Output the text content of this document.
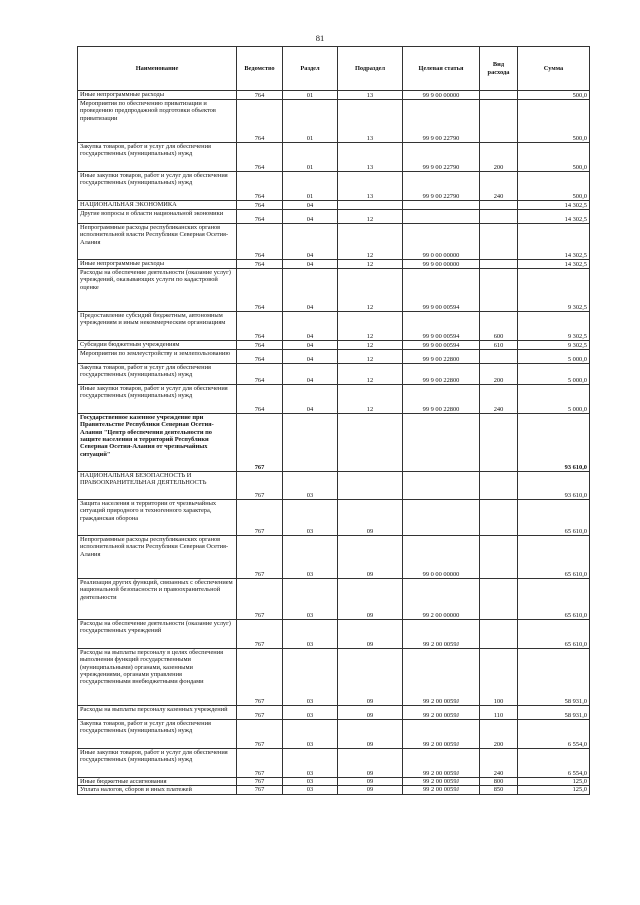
81
Наименование	Ведомство	Раздел	Подраздел	Целевая статья	Вид расхода	Сумма
Иные непрограммные расходы	764	01	13	99 9 00 00000		500,0
Мероприятия по обеспечению приватизации и проведению предпродажной подготовки объектов приватизации	764	01	13	99 9 00 22790		500,0
Закупка товаров, работ и услуг для обеспечения государственных (муниципальных) нужд	764	01	13	99 9 00 22790	200	500,0
Иные закупки товаров, работ и услуг для обеспечения государственных (муниципальных) нужд	764	01	13	99 9 00 22790	240	500,0
НАЦИОНАЛЬНАЯ ЭКОНОМИКА	764	04				14 302,5
Другие вопросы в области национальной экономики	764	04	12			14 302,5
Непрограммные расходы республиканских органов исполнительной власти Республики Северная Осетия-Алания	764	04	12	99 0 00 00000		14 302,5
Иные непрограммные расходы	764	04	12	99 9 00 00000		14 302,5
Расходы на обеспечение деятельности (оказание услуг) учреждений, оказывающих услуги по кадастровой оценке	764	04	12	99 9 00 00594		9 302,5
Предоставление субсидий бюджетным, автономным учреждениям и иным некоммерческим организациям	764	04	12	99 9 00 00594	600	9 302,5
Субсидии бюджетным учреждениям	764	04	12	99 9 00 00594	610	9 302,5
Мероприятия по землеустройству и землепользованию	764	04	12	99 9 00 22800		5 000,0
Закупка товаров, работ и услуг для обеспечения государственных (муниципальных) нужд	764	04	12	99 9 00 22800	200	5 000,0
Иные закупки товаров, работ и услуг для обеспечения государственных (муниципальных) нужд	764	04	12	99 9 00 22800	240	5 000,0
Государственное казенное учреждение при Правительстве Республики Северная Осетия-Алания "Центр обеспечения деятельности по защите населения и территорий Республики Северная Осетия-Алания от чрезвычайных ситуаций"	767					93 610,0
НАЦИОНАЛЬНАЯ БЕЗОПАСНОСТЬ И ПРАВООХРАНИТЕЛЬНАЯ ДЕЯТЕЛЬНОСТЬ	767	03				93 610,0
Защита населения и территории от чрезвычайных ситуаций природного и техногенного характера, гражданская оборона	767	03	09			65 610,0
Непрограммные расходы республиканских органов исполнительной власти Республики Северная Осетия-Алания	767	03	09	99 0 00 00000		65 610,0
Реализация других функций, связанных с обеспечением национальной безопасности и правоохранительной деятельности	767	03	09	99 2 00 00000		65 610,0
Расходы на обеспечение деятельности (оказание услуг) государственных учреждений	767	03	09	99 2 00 0059J		65 610,0
Расходы на выплаты персоналу в целях обеспечения выполнения функций государственными (муниципальными) органами, казенными учреждениями, органами управления государственными внебюджетными фондами	767	03	09	99 2 00 0059J	100	58 931,0
Расходы на выплаты персоналу казенных учреждений	767	03	09	99 2 00 0059J	110	58 931,0
Закупка товаров, работ и услуг для обеспечения государственных (муниципальных) нужд	767	03	09	99 2 00 0059J	200	6 554,0
Иные закупки товаров, работ и услуг для обеспечения государственных (муниципальных) нужд	767	03	09	99 2 00 0059J	240	6 554,0
Иные бюджетные ассигнования	767	03	09	99 2 00 0059J	800	125,0
Уплата налогов, сборов и иных платежей	767	03	09	99 2 00 0059J	850	125,0
